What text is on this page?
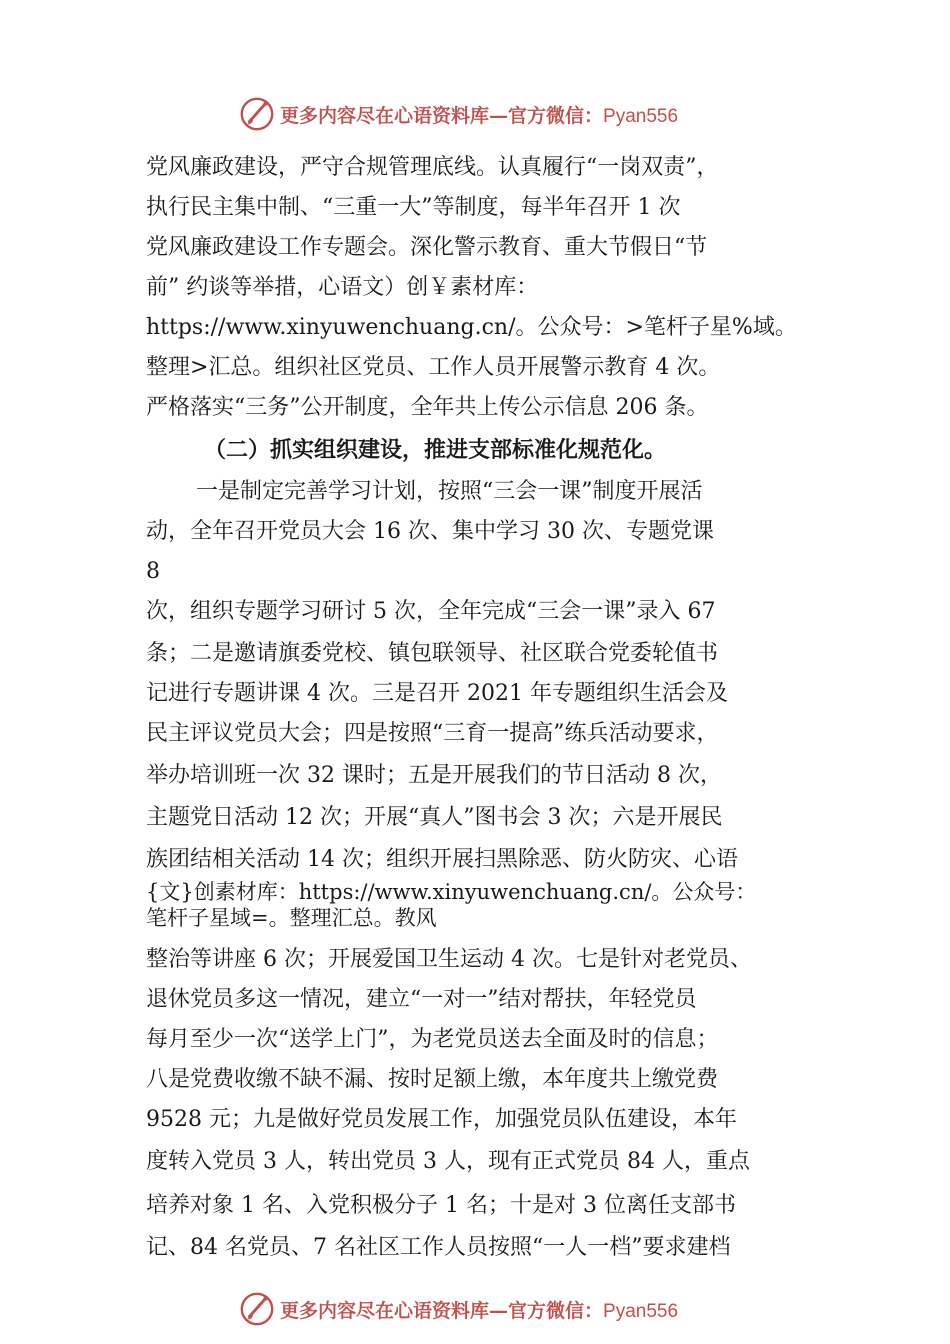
更多内容尽在心语资料库—官方微信：Pyan556
党风廉政建设，严守合规管理底线。认真履行“一岗双责”，
执行民主集中制、“三重一大”等制度，每半年召开 1 次
党风廉政建设工作专题会。深化警示教育、重大节假日“节
前” 约谈等举措，心语文）创￥素材库：
https://www.xinyuwenchuang.cn/。公众号：>笔杆子星%域。
整理>汇总。组织社区党员、工作人员开展警示教育 4 次。
严格落实“三务”公开制度，全年共上传公示信息 206 条。
（二）抓实组织建设，推进支部标准化规范化。
一是制定完善学习计划，按照“三会一课”制度开展活
动，全年召开党员大会 16 次、集中学习 30 次、专题党课
8
次，组织专题学习研讨 5 次，全年完成“三会一课”录入 67
条；二是邀请旗委党校、镇包联领导、社区联合党委轮值书
记进行专题讲课 4 次。三是召开 2021 年专题组织生活会及
民主评议党员大会；四是按照“三育一提高”练兵活动要求，
举办培训班一次 32 课时；五是开展我们的节日活动 8 次，
主题党日活动 12 次；开展“真人”图书会 3 次；六是开展民
族团结相关活动 14 次；组织开展扫黑除恶、防火防灾、心语
{文}创素材库：https://www.xinyuwenchuang.cn/。公众号：
笔杆子星域=。整理汇总。教风
整治等讲座 6 次；开展爱国卫生运动 4 次。七是针对老党员、
退休党员多这一情况，建立“一对一”结对帮扶，年轻党员
每月至少一次“送学上门”，为老党员送去全面及时的信息；
八是党费收缴不缺不漏、按时足额上缴，本年度共上缴党费
9528 元；九是做好党员发展工作，加强党员队伍建设，本年
度转入党员 3 人，转出党员 3 人，现有正式党员 84 人，重点
培养对象 1 名、入党积极分子 1 名；十是对 3 位离任支部书
记、84 名党员、7 名社区工作人员按照“一人一档”要求建档
更多内容尽在心语资料库—官方微信：Pyan556
